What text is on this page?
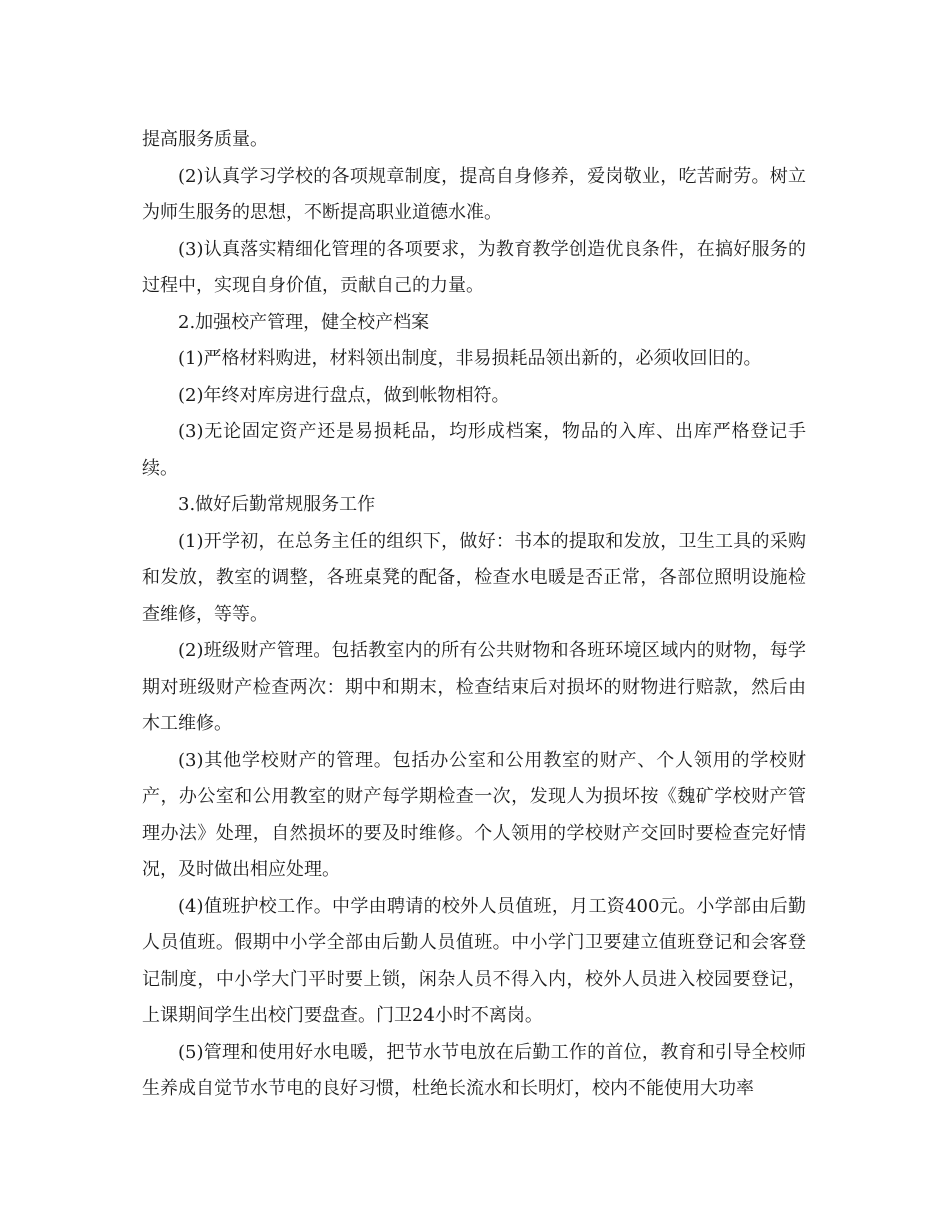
提高服务质量。

(2)认真学习学校的各项规章制度，提高自身修养，爱岗敬业，吃苦耐劳。树立为师生服务的思想，不断提高职业道德水准。

(3)认真落实精细化管理的各项要求，为教育教学创造优良条件，在搞好服务的过程中，实现自身价值，贡献自己的力量。

2.加强校产管理，健全校产档案

(1)严格材料购进，材料领出制度，非易损耗品领出新的，必须收回旧的。

(2)年终对库房进行盘点，做到帐物相符。

(3)无论固定资产还是易损耗品，均形成档案，物品的入库、出库严格登记手续。

3.做好后勤常规服务工作

(1)开学初，在总务主任的组织下，做好：书本的提取和发放，卫生工具的采购和发放，教室的调整，各班桌凳的配备，检查水电暖是否正常，各部位照明设施检查维修，等等。

(2)班级财产管理。包括教室内的所有公共财物和各班环境区域内的财物，每学期对班级财产检查两次：期中和期末，检查结束后对损坏的财物进行赔款，然后由木工维修。

(3)其他学校财产的管理。包括办公室和公用教室的财产、个人领用的学校财产，办公室和公用教室的财产每学期检查一次，发现人为损坏按《魏矿学校财产管理办法》处理，自然损坏的要及时维修。个人领用的学校财产交回时要检查完好情况，及时做出相应处理。

(4)值班护校工作。中学由聘请的校外人员值班，月工资400元。小学部由后勤人员值班。假期中小学全部由后勤人员值班。中小学门卫要建立值班登记和会客登记制度，中小学大门平时要上锁，闲杂人员不得入内，校外人员进入校园要登记，上课期间学生出校门要盘查。门卫24小时不离岗。

(5)管理和使用好水电暖，把节水节电放在后勤工作的首位，教育和引导全校师生养成自觉节水节电的良好习惯，杜绝长流水和长明灯，校内不能使用大功率
